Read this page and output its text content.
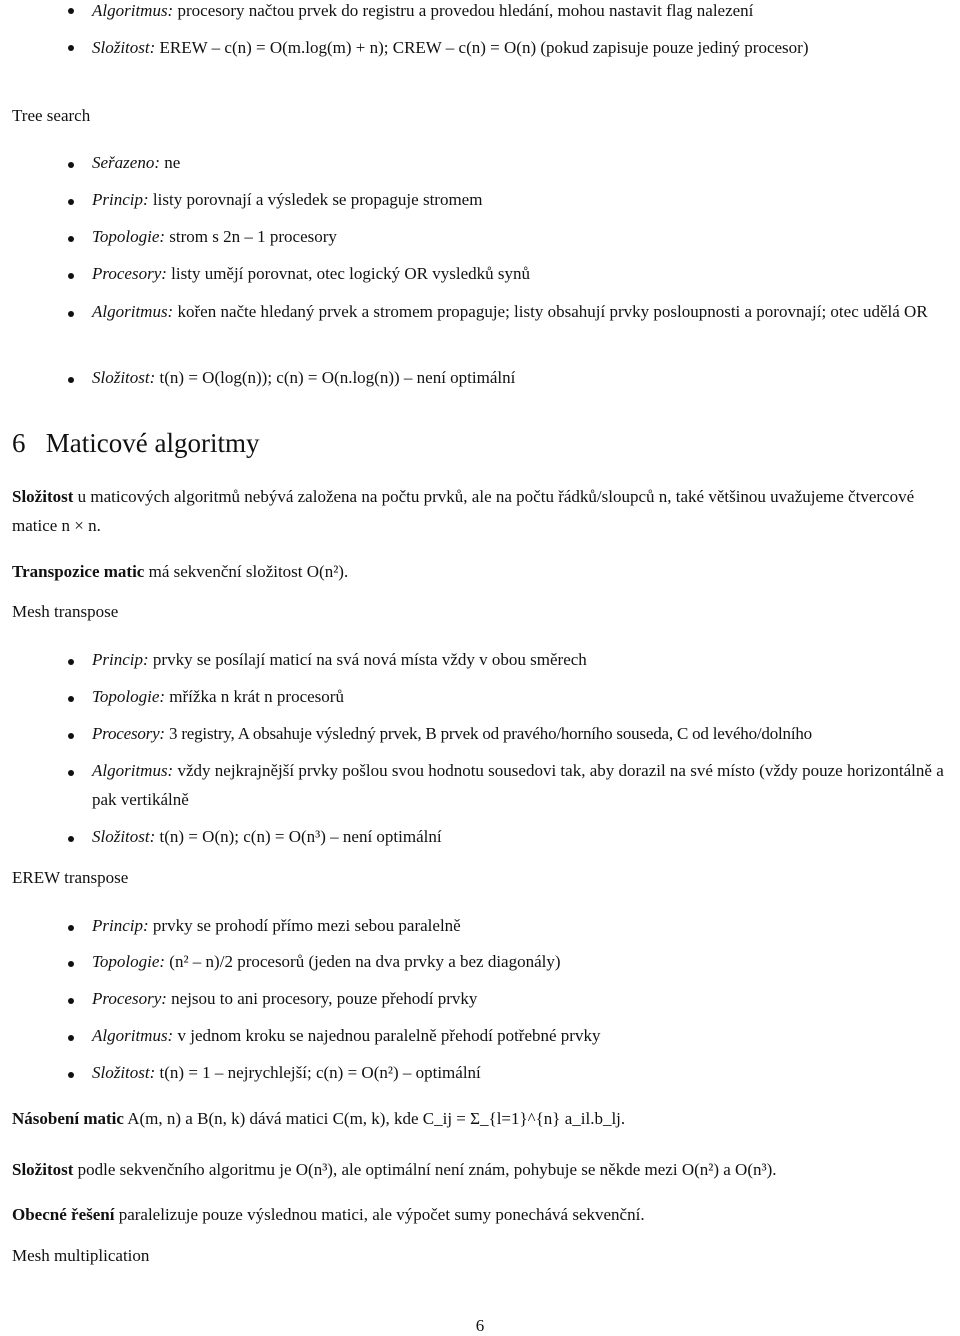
Algoritmus: procesory načtou prvek do registru a provedou hledání, mohou nastavit flag nalezení
Složitost: EREW – c(n) = O(m.log(m) + n); CREW – c(n) = O(n) (pokud zapisuje pouze jediný procesor)
Tree search
Seřazeno: ne
Princip: listy porovnají a výsledek se propaguje stromem
Topologie: strom s 2n – 1 procesory
Procesory: listy umějí porovnat, otec logický OR vysledků synů
Algoritmus: kořen načte hledaný prvek a stromem propaguje; listy obsahují prvky posloupnosti a porovnají; otec udělá OR
Složitost: t(n) = O(log(n)); c(n) = O(n.log(n)) – není optimální
6 Maticové algoritmy
Složitost u maticových algoritmů nebývá založena na počtu prvků, ale na počtu řádků/sloupců n, také většinou uvažujeme čtvercové matice n × n.
Transpozice matic má sekvenční složitost O(n²).
Mesh transpose
Princip: prvky se posílají maticí na svá nová místa vždy v obou směrech
Topologie: mřížka n krát n procesorů
Procesory: 3 registry, A obsahuje výsledný prvek, B prvek od pravého/horního souseda, C od levého/dolního
Algoritmus: vždy nejkrajnější prvky pošlou svou hodnotu sousedovi tak, aby dorazil na své místo (vždy pouze horizontálně a pak vertikálně
Složitost: t(n) = O(n); c(n) = O(n³) – není optimální
EREW transpose
Princip: prvky se prohodí přímo mezi sebou paralelně
Topologie: (n² – n)/2 procesorů (jeden na dva prvky a bez diagonály)
Procesory: nejsou to ani procesory, pouze přehodí prvky
Algoritmus: v jednom kroku se najednou paralelně přehodí potřebné prvky
Složitost: t(n) = 1 – nejrychlejší; c(n) = O(n²) – optimální
Násobení matic A(m, n) a B(n, k) dává matici C(m, k), kde C_ij = Σ_{l=1}^{n} a_il.b_lj.
Složitost podle sekvenčního algoritmu je O(n³), ale optimální není znám, pohybuje se někde mezi O(n²) a O(n³).
Obecné řešení paralelizuje pouze výslednou matici, ale výpočet sumy ponechává sekvenční.
Mesh multiplication
6
